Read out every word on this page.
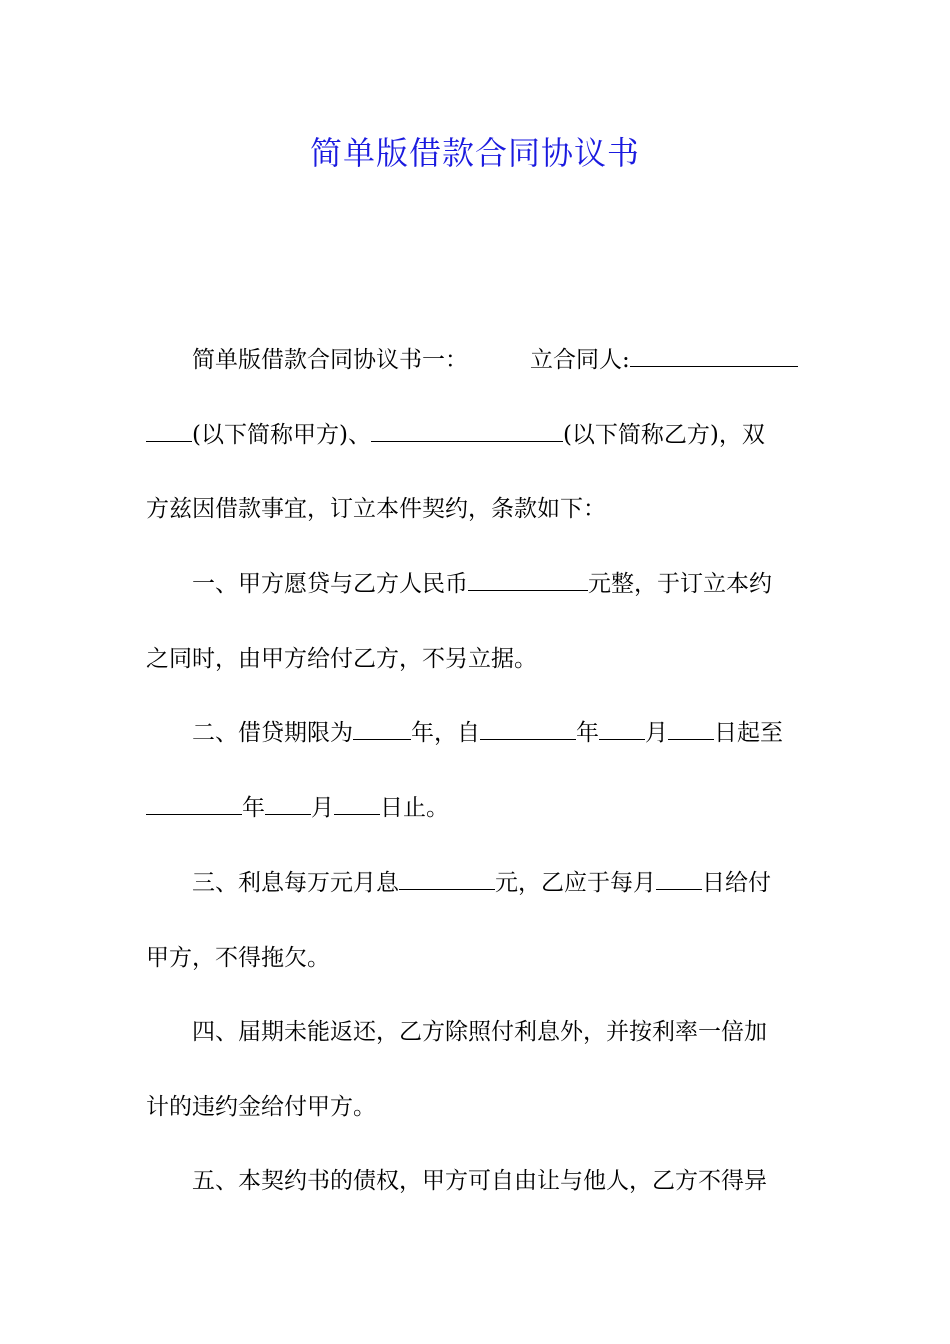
简单版借款合同协议书
简单版借款合同协议书一：	立合同人:
(以下简称甲方)、	(以下简称乙方)，双
方兹因借款事宜，订立本件契约，条款如下：
一、甲方愿贷与乙方人民币	元整，于订立本约
之同时，由甲方给付乙方，不另立据。
二、借贷期限为	年，自	年 月 日起至
年 月 日止。
三、利息每万元月息	元，乙应于每月 日给付
甲方，不得拖欠。
四、届期未能返还，乙方除照付利息外，并按利率一倍加
计的违约金给付甲方。
五、本契约书的债权，甲方可自由让与他人，乙方不得异
